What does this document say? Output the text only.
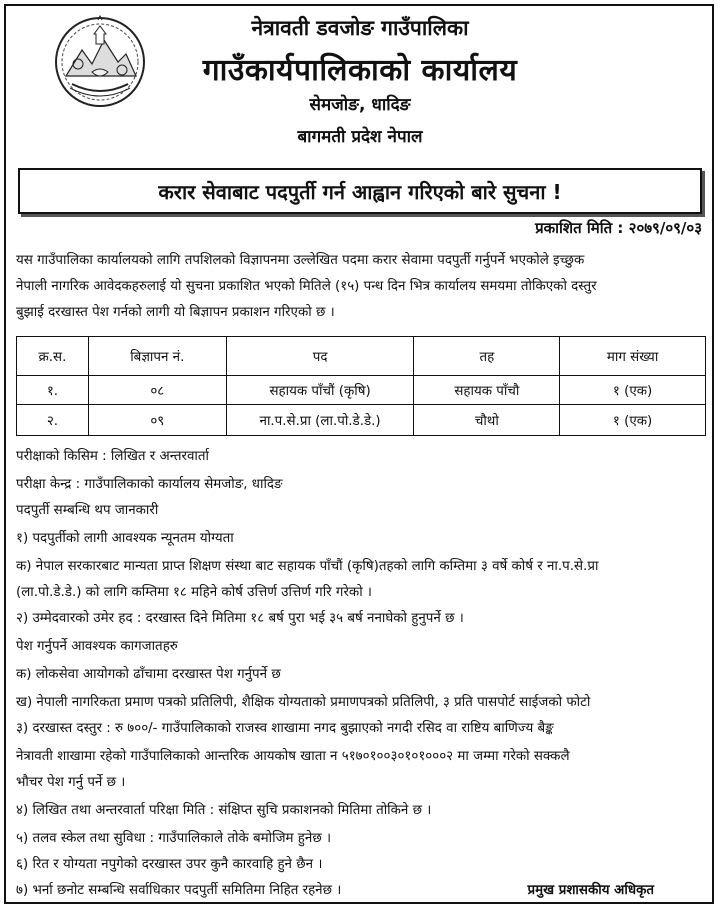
नेत्रावती डवजोङ गाउँपालिका
गाउँकार्यपालिकाको कार्यालय
सेमजोङ, धादिङ
बागमती प्रदेश नेपाल
करार सेवाबाट पदपुर्ती गर्न आह्वान गरिएको बारे सुचना !
प्रकाशित मिति : २०७९/०९/०३
यस गाउँपालिका कार्यालयको लागि तपशिलको विज्ञापनमा उल्लेखित पदमा करार सेवामा पदपुर्ती गर्नुपर्ने भएकोले इच्छुक
नेपाली नागरिक आवेदकहरुलाई यो सुचना प्रकाशित भएको मितिले (१५) पन्ध दिन भित्र कार्यालय समयमा तोकिएको दस्तुर
बुझाई दरखास्त पेश गर्नको लागी यो बिज्ञापन प्रकाशन गरिएको छ ।
क्र.स.	बिज्ञापन नं.	पद	तह	माग संख्या
१.	०८	सहायक पाँचौं (कृषि)	सहायक पाँचौ	१ (एक)
२.	०९	ना.प.से.प्रा (ला.पो.डे.डे.)	चौथो	१ (एक)
परीक्षाको किसिम : लिखित र अन्तरवार्ता
परीक्षा केन्द्र : गाउँपालिकाको कार्यालय सेमजोङ, धादिङ
पदपुर्ती सम्बन्धि थप जानकारी
१) पदपुर्तीको लागी आवश्यक न्यूनतम योग्यता
क) नेपाल सरकारबाट मान्यता प्राप्त शिक्षण संस्था बाट सहायक पाँचौं (कृषि)तहको लागि कम्तिमा ३ वर्षे कोर्ष र ना.प.से.प्रा
(ला.पो.डे.डे.) को लागि कम्तिमा १८ महिने कोर्ष उत्तिर्ण उत्तिर्ण गरि गरेको ।
२) उम्मेदवारको उमेर हद : दरखास्त दिने मितिमा १८ बर्ष पुरा भई ३५ बर्ष ननाघेको हुनुपर्ने छ ।
पेश गर्नुपर्ने आवश्यक कागजातहरु
क) लोकसेवा आयोगको ढाँचामा दरखास्त पेश गर्नुपर्ने छ
ख) नेपाली नागरिकता प्रमाण पत्रको प्रतिलिपी, शैक्षिक योग्यताको प्रमाणपत्रको प्रतिलिपी, ३ प्रति पासपोर्ट साईजको फोटो
३) दरखास्त दस्तुर : रु ७००/- गाउँपालिकाको राजस्व शाखामा नगद बुझाएको नगदी रसिद वा राष्टिय बाणिज्य बैङ्क
नेत्रावती शाखामा रहेको गाउँपालिकाको आन्तरिक आयकोष खाता न ५१७०१००३०१०१०००२ मा जम्मा गरेको सक्कलै
भौचर पेश गर्नु पर्ने छ ।
४) लिखित तथा अन्तरवार्ता परिक्षा मिति : संक्षिप्त सुचि प्रकाशनको मितिमा तोकिने छ ।
५) तलव स्केल तथा सुविधा : गाउँपालिकाले तोके बमोजिम हुनेछ ।
६) रित र योग्यता नपुगेको दरखास्त उपर कुनै कारवाहि हुने छैन ।
७) भर्ना छनोट सम्बन्धि सर्वाधिकार पदपुर्ती समितिमा निहित रहनेछ ।	प्रमुख प्रशासकीय अधिकृत
